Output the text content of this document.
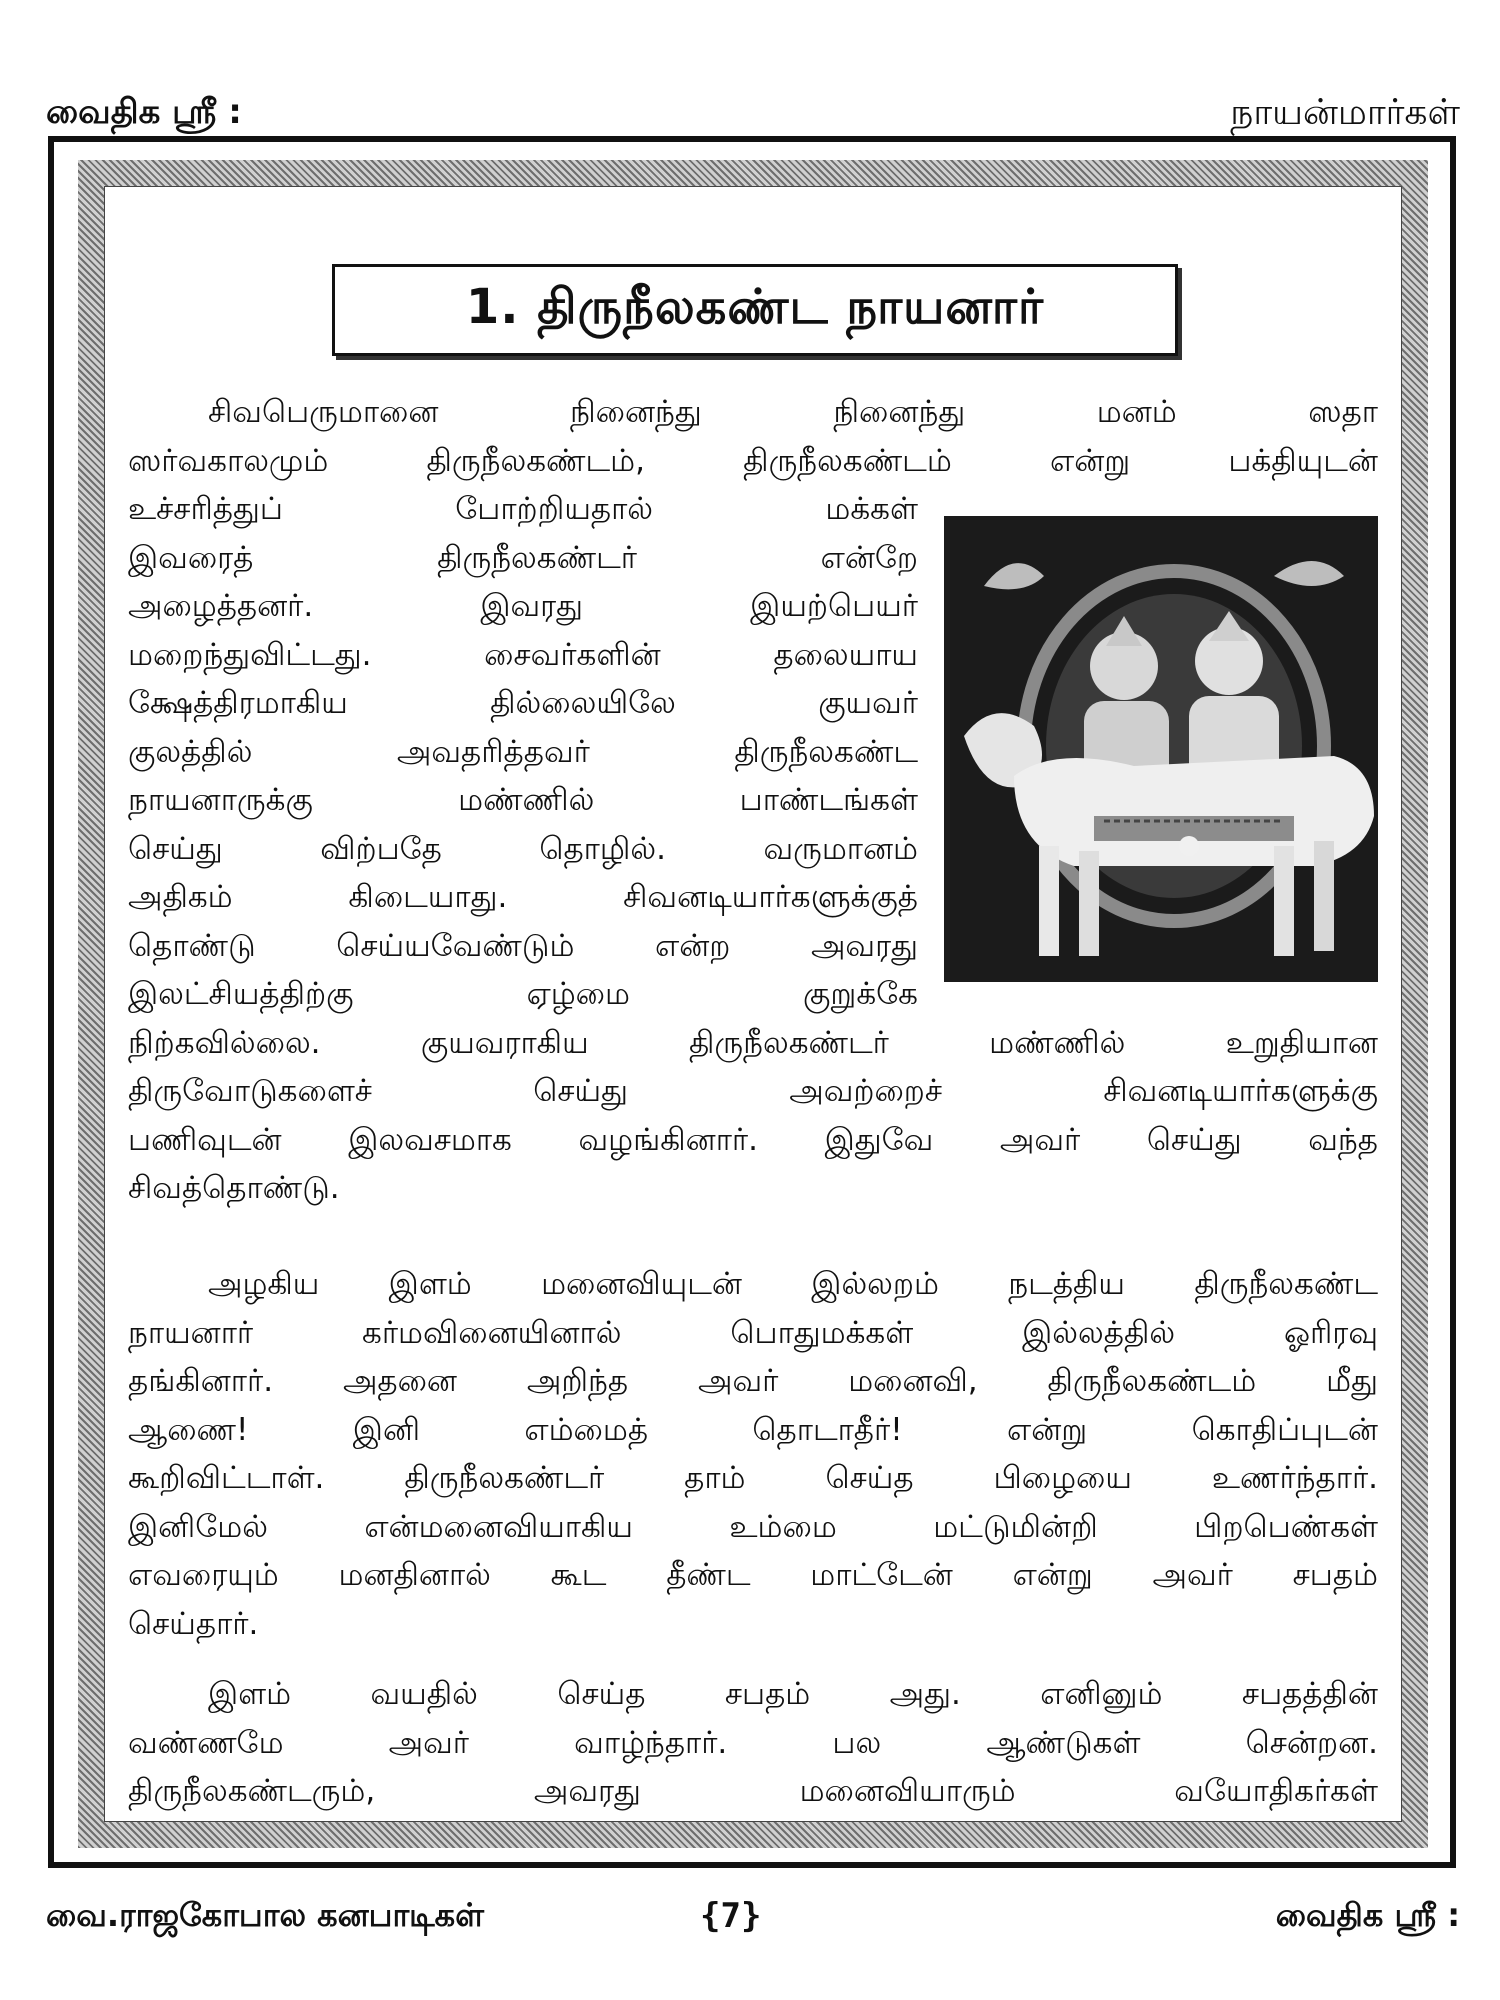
வைதிக ஸ்ரீ :	நாயன்மார்கள்
1. திருநீலகண்ட நாயனார்
சிவபெருமானை நினைந்து நினைந்து மனம் ஸதா
ஸர்வகாலமும் திருநீலகண்டம், திருநீலகண்டம் என்று பக்தியுடன்
உச்சரித்துப் போற்றியதால் மக்கள்
இவரைத் திருநீலகண்டர் என்றே
அழைத்தனர். இவரது இயற்பெயர்
மறைந்துவிட்டது. சைவர்களின் தலையாய
க்ஷேத்திரமாகிய தில்லையிலே குயவர்
குலத்தில் அவதரித்தவர் திருநீலகண்ட
நாயனாருக்கு மண்ணில் பாண்டங்கள்
செய்து விற்பதே தொழில். வருமானம்
அதிகம் கிடையாது. சிவனடியார்களுக்குத்
தொண்டு செய்யவேண்டும் என்ற அவரது
இலட்சியத்திற்கு ஏழ்மை குறுக்கே
நிற்கவில்லை. குயவராகிய திருநீலகண்டர் மண்ணில் உறுதியான
திருவோடுகளைச் செய்து அவற்றைச் சிவனடியார்களுக்கு
பணிவுடன் இலவசமாக வழங்கினார். இதுவே அவர் செய்து வந்த
சிவத்தொண்டு.
அழகிய இளம் மனைவியுடன் இல்லறம் நடத்திய திருநீலகண்ட
நாயனார் கர்மவினையினால் பொதுமக்கள் இல்லத்தில் ஓரிரவு
தங்கினார். அதனை அறிந்த அவர் மனைவி, திருநீலகண்டம் மீது
ஆணை! இனி எம்மைத் தொடாதீர்! என்று கொதிப்புடன்
கூறிவிட்டாள். திருநீலகண்டர் தாம் செய்த பிழையை உணர்ந்தார்.
இனிமேல் என்மனைவியாகிய உம்மை மட்டுமின்றி பிறபெண்கள்
எவரையும் மனதினால் கூட தீண்ட மாட்டேன் என்று அவர் சபதம்
செய்தார்.
இளம் வயதில் செய்த சபதம் அது. எனினும் சபதத்தின்
வண்ணமே அவர் வாழ்ந்தார். பல ஆண்டுகள் சென்றன.
திருநீலகண்டரும், அவரது மனைவியாரும் வயோதிகர்கள்
வை.ராஜகோபால கனபாடிகள்	{7}	வைதிக ஸ்ரீ :
